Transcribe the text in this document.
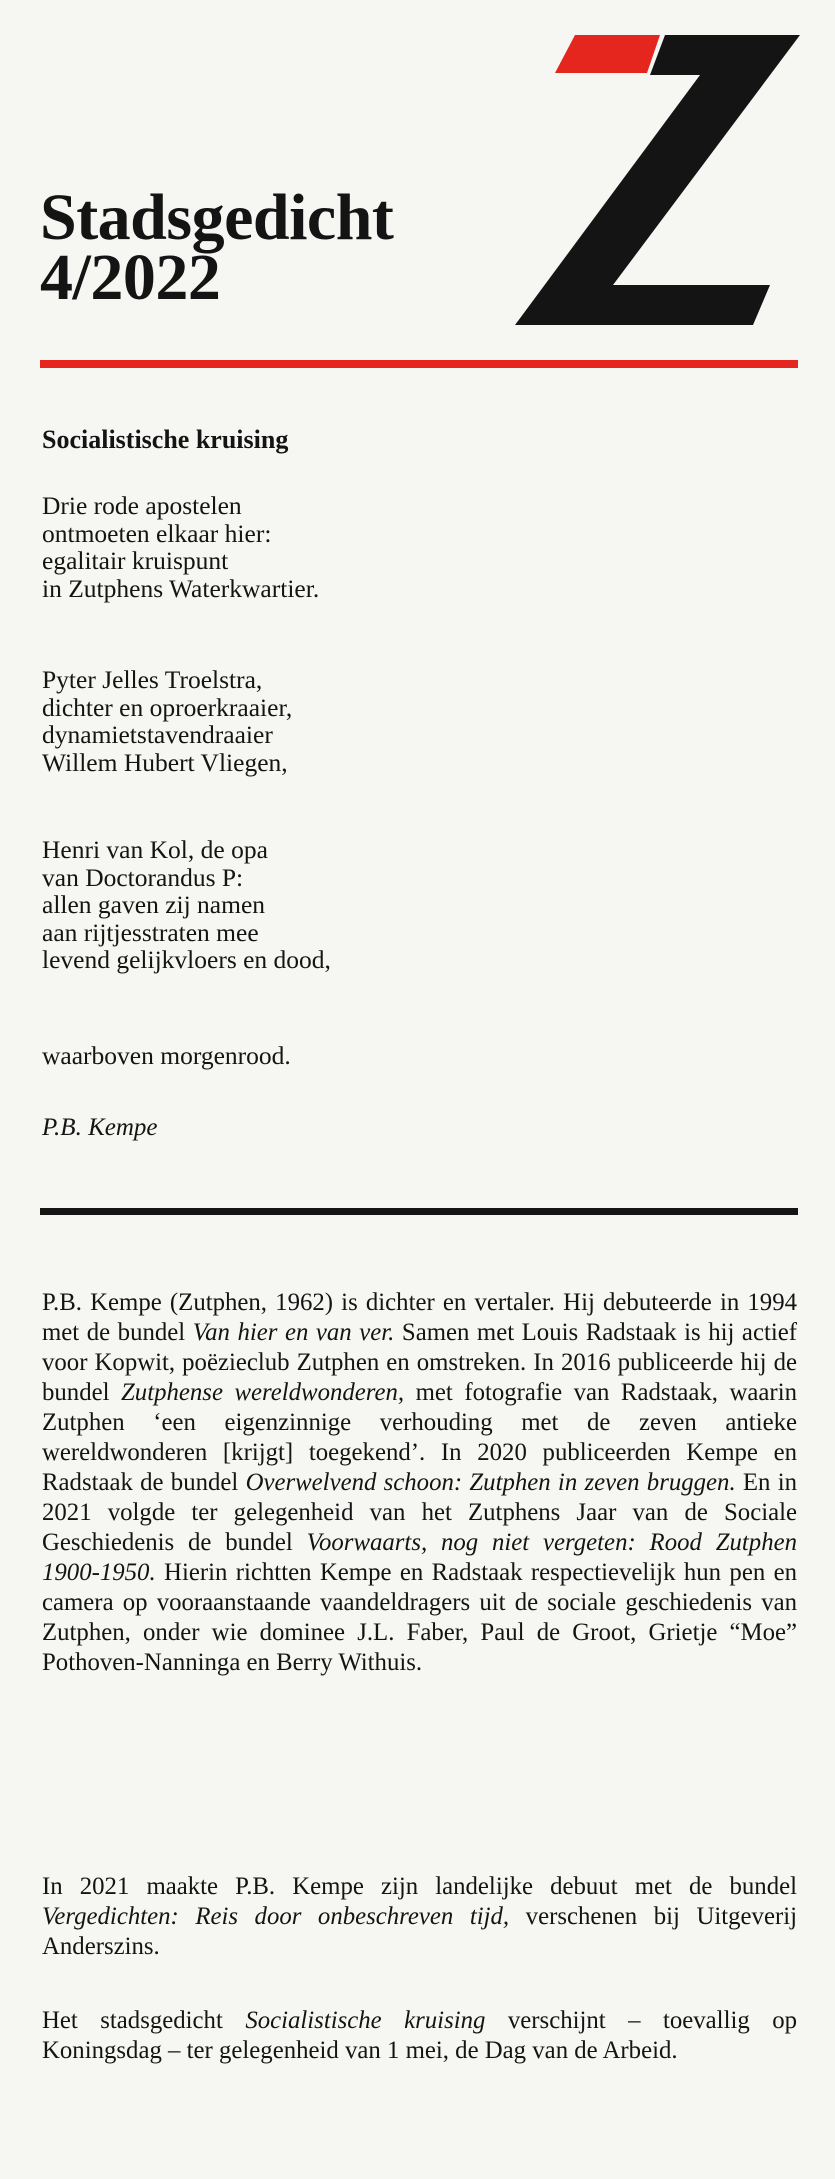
Stadsgedicht
4/2022
Socialistische kruising
Drie rode apostelen
ontmoeten elkaar hier:
egalitair kruispunt
in Zutphens Waterkwartier.
Pyter Jelles Troelstra,
dichter en oproerkraaier,
dynamietstavendraaier
Willem Hubert Vliegen,
Henri van Kol, de opa
van Doctorandus P:
allen gaven zij namen
aan rijtjesstraten mee
levend gelijkvloers en dood,
waarboven morgenrood.
P.B. Kempe
P.B. Kempe (Zutphen, 1962) is dichter en vertaler. Hij debuteerde in 1994 met de bundel Van hier en van ver. Samen met Louis Radstaak is hij actief voor Kopwit, poëzieclub Zutphen en omstreken. In 2016 publiceerde hij de bundel Zutphense wereldwonderen, met fotografie van Radstaak, waarin Zutphen ‘een eigenzinnige verhouding met de zeven antieke wereldwonderen [krijgt] toegekend’. In 2020 publiceerden Kempe en Radstaak de bundel Overwelvend schoon: Zutphen in zeven bruggen. En in 2021 volgde ter gelegenheid van het Zutphens Jaar van de Sociale Geschiedenis de bundel Voorwaarts, nog niet vergeten: Rood Zutphen 1900-1950. Hierin richtten Kempe en Radstaak respectievelijk hun pen en camera op vooraanstaande vaandeldragers uit de sociale geschiedenis van Zutphen, onder wie dominee J.L. Faber, Paul de Groot, Grietje “Moe” Pothoven-Nanninga en Berry Withuis.
In 2021 maakte P.B. Kempe zijn landelijke debuut met de bundel Vergedichten: Reis door onbeschreven tijd, verschenen bij Uitgeverij Anderszins.
Het stadsgedicht Socialistische kruising verschijnt – toevallig op Koningsdag – ter gelegenheid van 1 mei, de Dag van de Arbeid.
